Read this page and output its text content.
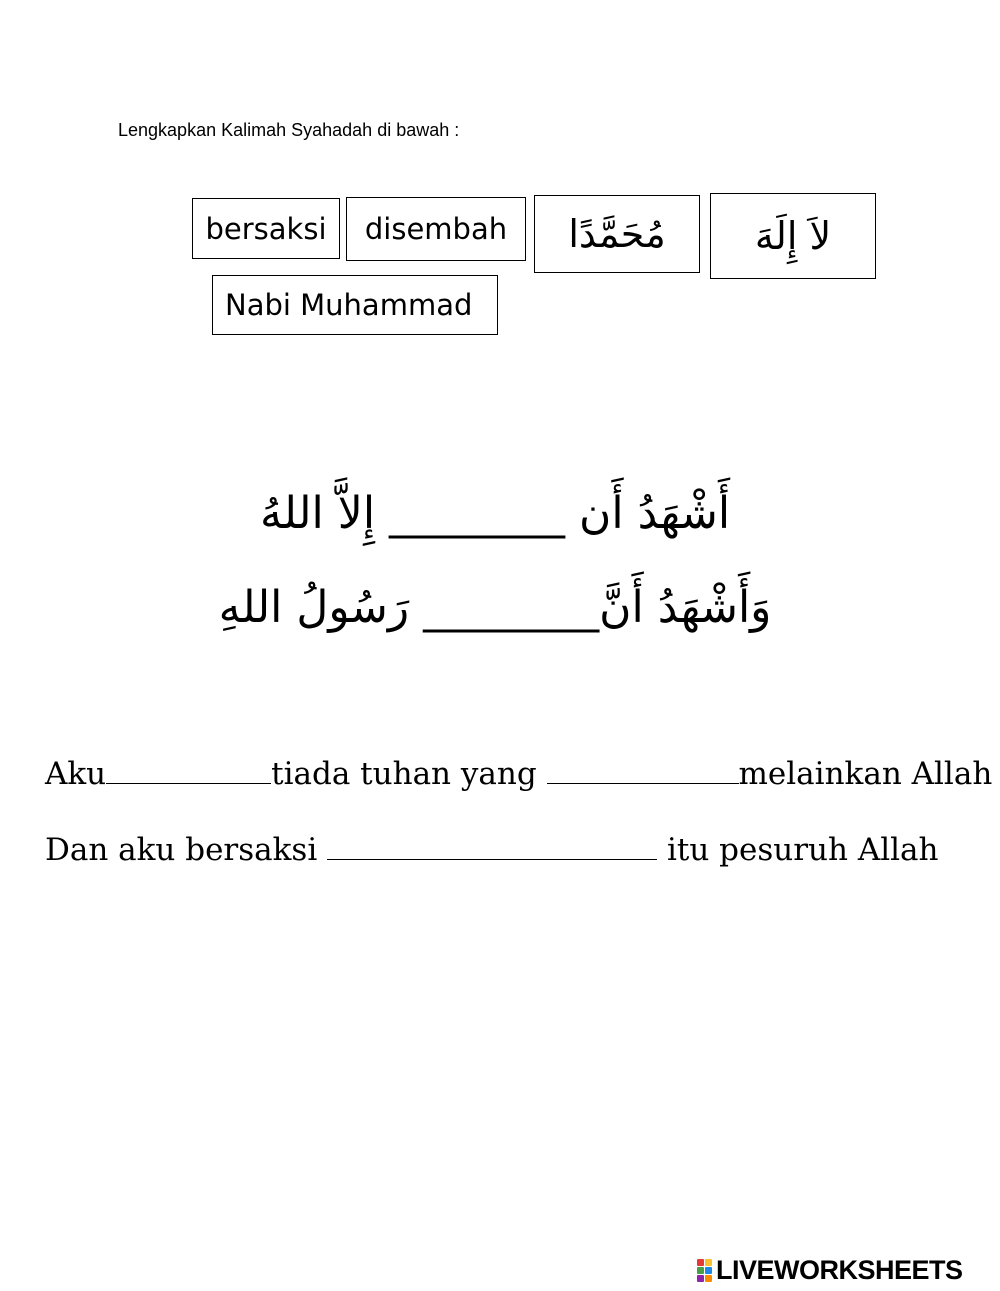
Lengkapkan Kalimah Syahadah di bawah :
bersaksi	disembah	مُحَمَّدًا	لاَ إِلَهَ
Nabi Muhammad
أَشْهَدُ أَن ________ إِلاَّ اللهُ
وَأَشْهَدُ أَنَّ________ رَسُولُ اللهِ
Aku	tiada tuhan yang	melainkan Allah
Dan aku bersaksi	itu pesuruh Allah
LIVEWORKSHEETS
